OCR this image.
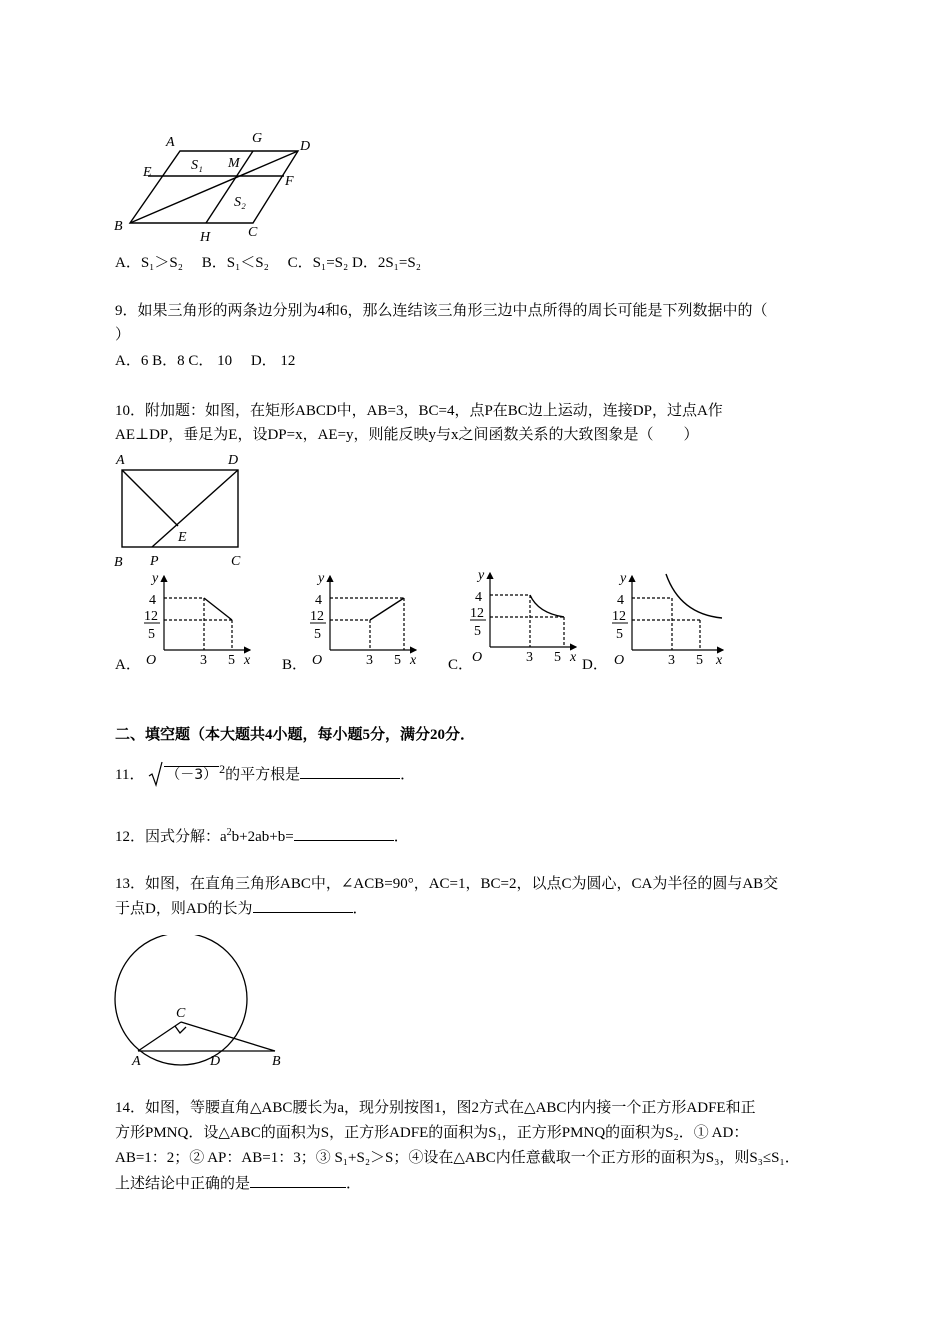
A	G
D
E	S₁ M
F
B
S₂
H	C
A．S₁＞S₂　 B．S₁＜S₂　 C．S₁=S₂ D．2S₁=S₂
9．如果三角形的两条边分别为4和6，那么连结该三角形三边中点所得的周长可能是下列数据中的（
）
A．6 B．8 C． 10　 D． 12
10．附加题：如图，在矩形ABCD中，AB=3，BC=4，点P在BC边上运动，连接DP，过点A作
AE⊥DP，垂足为E，设DP=x，AE=y，则能反映y与x之间函数关系的大致图象是（　　）
A	D
E
B P	C
A．	B．	C．	D．
y
4
12
5
O	3 5 x
y
4
12
5
O	3 5 x
y
4
12
5
O	3 5 x
y
4
12
5
O	3 5 x
二、填空题（本大题共4小题，每小题5分，满分20分．
11． （－3） $^2$的平方根是	．
12．因式分解：$a^2b+2ab+b=$	．
13．如图，在直角三角形ABC中，∠ACB=90°，AC=1，BC=2，以点C为圆心，CA为半径的圆与AB交
于点D，则AD的长为	．
C
A	D	B
14．如图，等腰直角△ABC腰长为a，现分别按图1，图2方式在△ABC内内接一个正方形ADFE和正
方形PMNQ．设△ABC的面积为S，正方形ADFE的面积为S₁，正方形PMNQ的面积为S₂．① AD：
AB=1：2；② AP：AB=1：3；③ S₁+S₂＞S；④设在△ABC内任意截取一个正方形的面积为S₃，则S₃≤S₁．
上述结论中正确的是	．
